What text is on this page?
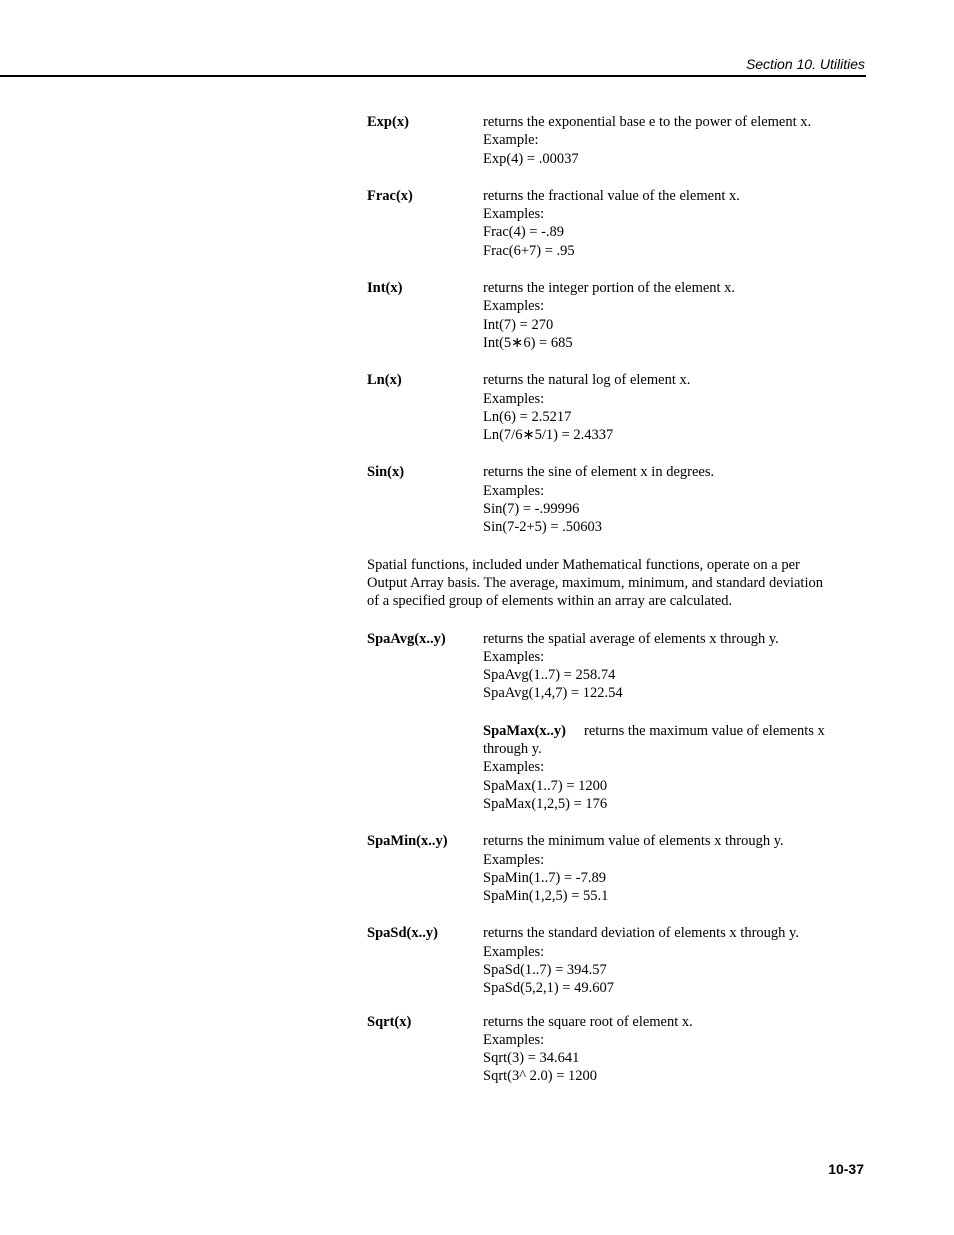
Section 10. Utilities
Exp(x)	returns the exponential base e to the power of element x.
Example:
Exp(4) = .00037
Frac(x)	returns the fractional value of the element x.
Examples:
Frac(4) = -.89
Frac(6+7) = .95
Int(x)	returns the integer portion of the element x.
Examples:
Int(7) = 270
Int(5∗6) = 685
Ln(x)	returns the natural log of element x.
Examples:
Ln(6) = 2.5217
Ln(7/6∗5/1) = 2.4337
Sin(x)	returns the sine of element x in degrees.
Examples:
Sin(7) = -.99996
Sin(7-2+5) = .50603
Spatial functions, included under Mathematical functions, operate on a per
Output Array basis. The average, maximum, minimum, and standard deviation
of a specified group of elements within an array are calculated.
SpaAvg(x..y)	returns the spatial average of elements x through y.
Examples:
SpaAvg(1..7) = 258.74
SpaAvg(1,4,7) = 122.54
SpaMax(x..y) returns the maximum value of elements x
through y.
Examples:
SpaMax(1..7) = 1200
SpaMax(1,2,5) = 176
SpaMin(x..y)	returns the minimum value of elements x through y.
Examples:
SpaMin(1..7) = -7.89
SpaMin(1,2,5) = 55.1
SpaSd(x..y)	returns the standard deviation of elements x through y.
Examples:
SpaSd(1..7) = 394.57
SpaSd(5,2,1) = 49.607
Sqrt(x)	returns the square root of element x.
Examples:
Sqrt(3) = 34.641
Sqrt(3^ 2.0) = 1200
10-37
